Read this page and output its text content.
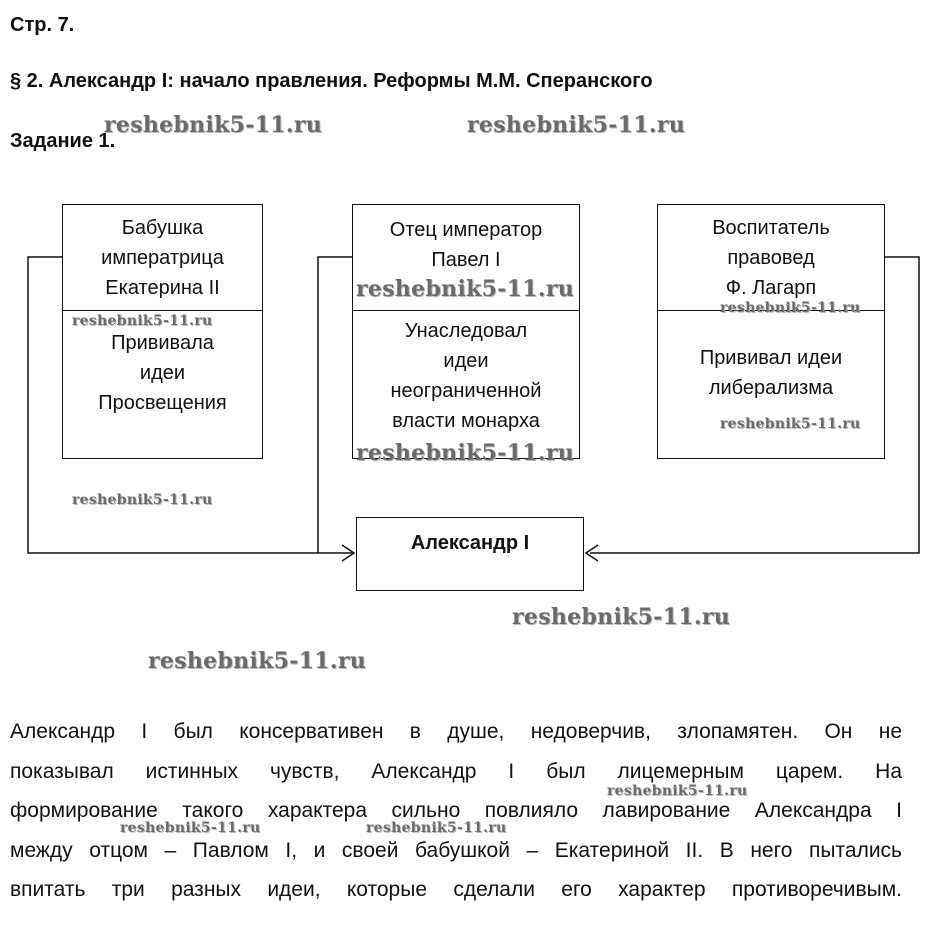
Стр. 7.
§ 2. Александр I: начало правления. Реформы М.М. Сперанского
Задание 1.
Бабушка
императрица
Екатерина II
Прививала
идеи
Просвещения
Отец император
Павел I
Унаследовал
идеи
неограниченной
власти монарха
Воспитатель
правовед
Ф. Лагарп
Прививал идеи
либерализма
Александр I
Александр I был консервативен в душе, недоверчив, злопамятен. Он не
показывал истинных чувств, Александр I был лицемерным царем. На
формирование такого характера сильно повлияло лавирование Александра I
между отцом – Павлом I, и своей бабушкой – Екатериной II. В него пытались
впитать три разных идеи, которые сделали его характер противоречивым.
reshebnik5-11.ru	reshebnik5-11.ru
reshebnik5-11.ru
reshebnik5-11.ru
reshebnik5-11.ru
reshebnik5-11.ru
reshebnik5-11.ru
reshebnik5-11.ru
reshebnik5-11.ru
reshebnik5-11.ru
reshebnik5-11.ru
reshebnik5-11.ru	reshebnik5-11.ru
